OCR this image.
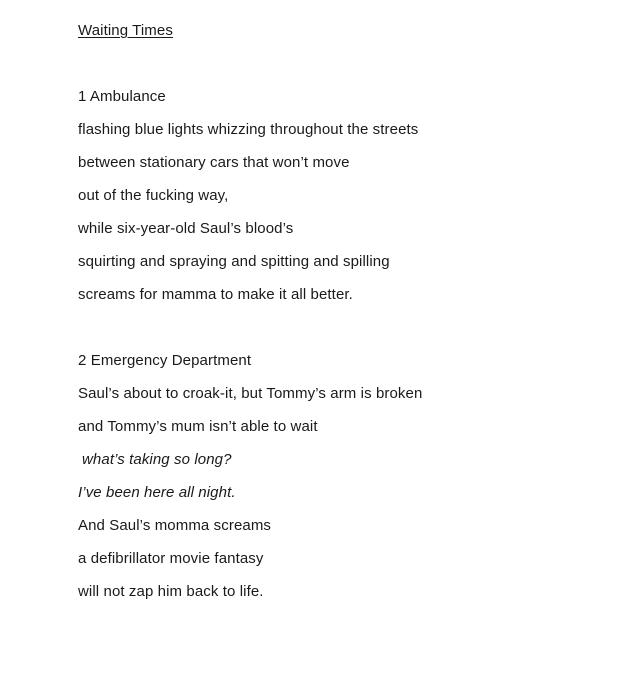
Waiting Times
1 Ambulance
flashing blue lights whizzing throughout the streets
between stationary cars that won’t move
out of the fucking way,
while six-year-old Saul’s blood’s
squirting and spraying and spitting and spilling
screams for mamma to make it all better.
2 Emergency Department
Saul’s about to croak-it, but Tommy’s arm is broken
and Tommy’s mum isn’t able to wait
what’s taking so long?
I’ve been here all night.
And Saul’s momma screams
a defibrillator movie fantasy
will not zap him back to life.
